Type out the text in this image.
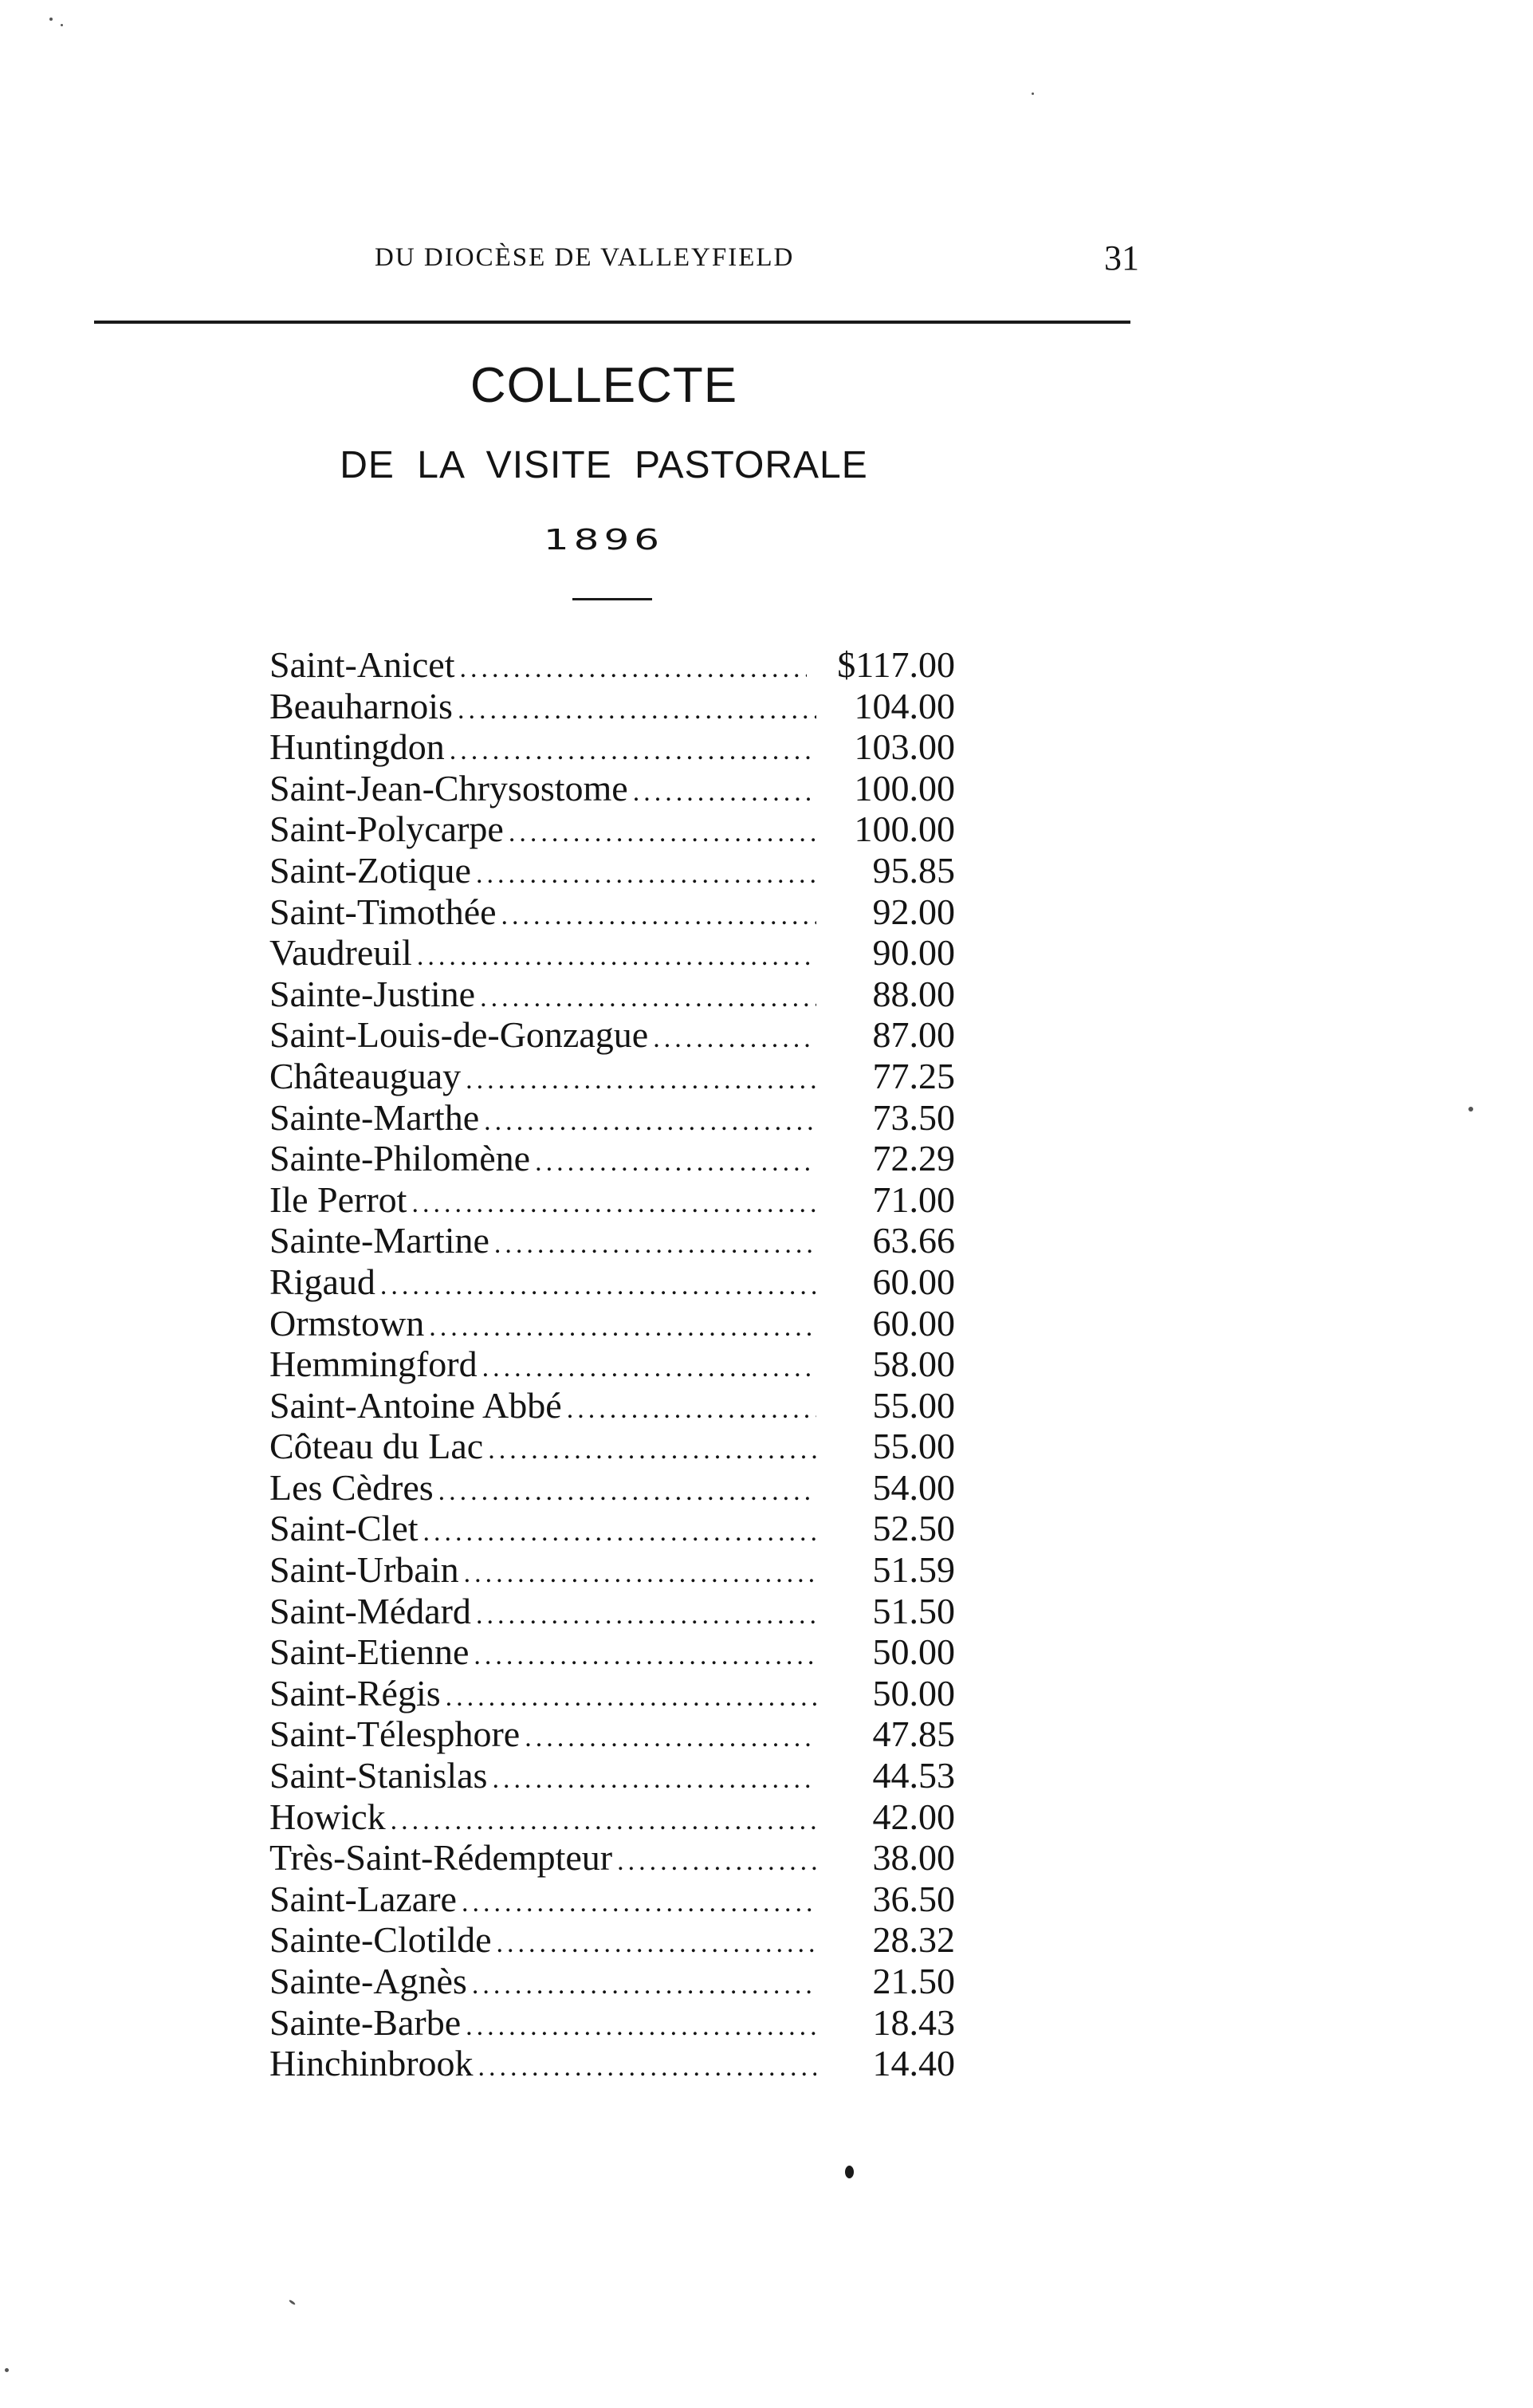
DU DIOCÈSE DE VALLEYFIELD	31
COLLECTE
DE LA VISITE PASTORALE
1896
Saint-Anicet .....	$117.00
Beauharnois .....	104.00
Huntingdon .....	103.00
Saint-Jean-Chrysostome .....	100.00
Saint-Polycarpe .....	100.00
Saint-Zotique .....	95.85
Saint-Timothée .....	92.00
Vaudreuil .....	90.00
Sainte-Justine .....	88.00
Saint-Louis-de-Gonzague .....	87.00
Châteauguay .....	77.25
Sainte-Marthe .....	73.50
Sainte-Philomène .....	72.29
Ile Perrot .....	71.00
Sainte-Martine .....	63.66
Rigaud .....	60.00
Ormstown .....	60.00
Hemmingford .....	58.00
Saint-Antoine Abbé .....	55.00
Côteau du Lac .....	55.00
Les Cèdres .....	54.00
Saint-Clet .....	52.50
Saint-Urbain .....	51.59
Saint-Médard .....	51.50
Saint-Etienne .....	50.00
Saint-Régis .....	50.00
Saint-Télesphore .....	47.85
Saint-Stanislas .....	44.53
Howick .....	42.00
Très-Saint-Rédempteur .....	38.00
Saint-Lazare .....	36.50
Sainte-Clotilde .....	28.32
Sainte-Agnès .....	21.50
Sainte-Barbe .....	18.43
Hinchinbrook .....	14.40
